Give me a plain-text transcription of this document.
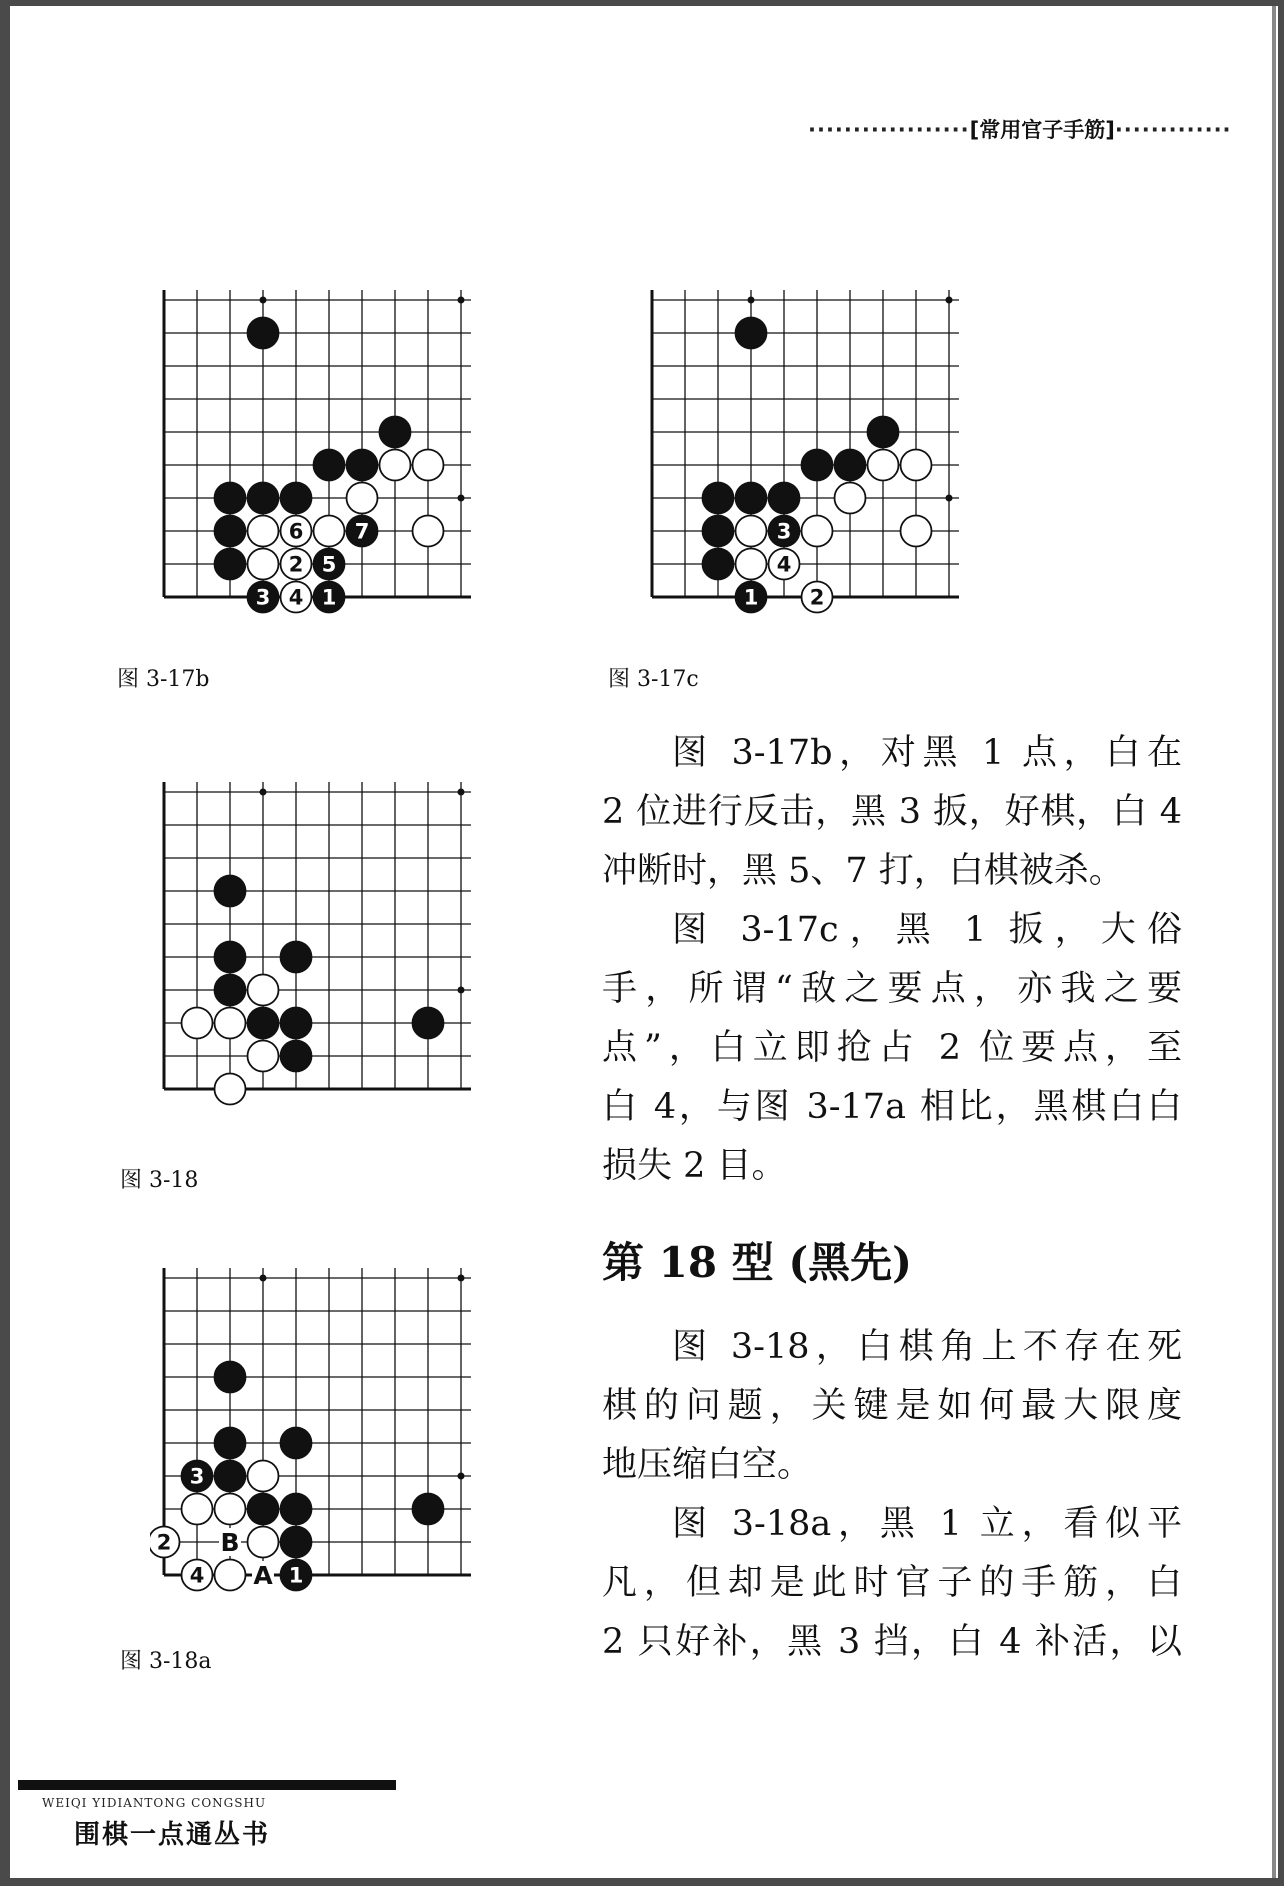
··················[常用官子手筋]·············
6 7
2 5
3 4 1
图 3-17b
3
4
1 2
图 3-17c
图 3-18
3
2 B
4 A 1
图 3-18a

图 3-17b，对黑 1 点，白在

2 位进行反击，黑 3 扳，好棋，白 4

冲断时，黑 5、7 打，白棋被杀。

图 3-17c，黑 1 扳，大俗

手，所谓“敌之要点，亦我之要

点”，白立即抢占 2 位要点，至

白 4，与图 3-17a 相比，黑棋白白

损失 2 目。

第 18 型 (黑先)

图 3-18，白棋角上不存在死

棋的问题，关键是如何最大限度

地压缩白空。

图 3-18a，黑 1 立，看似平

凡，但却是此时官子的手筋，白

2 只好补，黑 3 挡，白 4 补活，以

WEIQI YIDIANTONG CONGSHU
围棋一点通丛书
